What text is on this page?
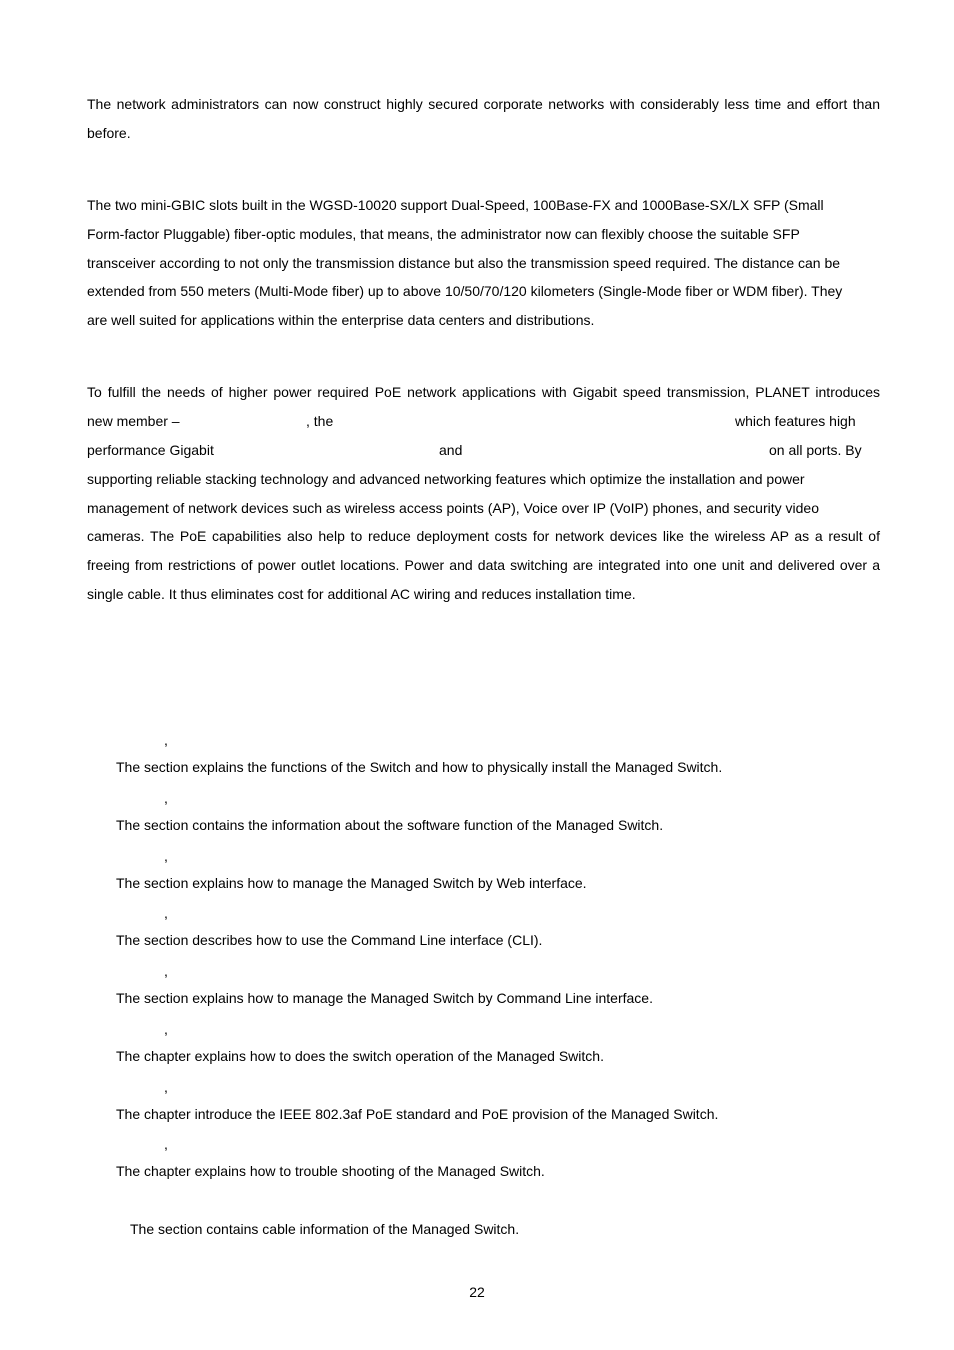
The network administrators can now construct highly secured corporate networks with considerably less time and effort than
before.
The two mini-GBIC slots built in the WGSD-10020 support Dual-Speed, 100Base-FX and 1000Base-SX/LX SFP (Small
Form-factor Pluggable) fiber-optic modules, that means, the administrator now can flexibly choose the suitable SFP
transceiver according to not only the transmission distance but also the transmission speed required. The distance can be
extended from 550 meters (Multi-Mode fiber) up to above 10/50/70/120 kilometers (Single-Mode fiber or WDM fiber). They
are well suited for applications within the enterprise data centers and distributions.
To fulfill the needs of higher power required PoE network applications with Gigabit speed transmission, PLANET introduces
new member –	, the	which features high
performance Gigabit	and	on all ports. By
supporting reliable stacking technology and advanced networking features which optimize the installation and power
management of network devices such as wireless access points (AP), Voice over IP (VoIP) phones, and security video
cameras. The PoE capabilities also help to reduce deployment costs for network devices like the wireless AP as a result of
freeing from restrictions of power outlet locations. Power and data switching are integrated into one unit and delivered over a
single cable. It thus eliminates cost for additional AC wiring and reduces installation time.
,
The section explains the functions of the Switch and how to physically install the Managed Switch.
,
The section contains the information about the software function of the Managed Switch.
,
The section explains how to manage the Managed Switch by Web interface.
,
The section describes how to use the Command Line interface (CLI).
,
The section explains how to manage the Managed Switch by Command Line interface.
,
The chapter explains how to does the switch operation of the Managed Switch.
,
The chapter introduce the IEEE 802.3af PoE standard and PoE provision of the Managed Switch.
,
The chapter explains how to trouble shooting of the Managed Switch.
The section contains cable information of the Managed Switch.
22
